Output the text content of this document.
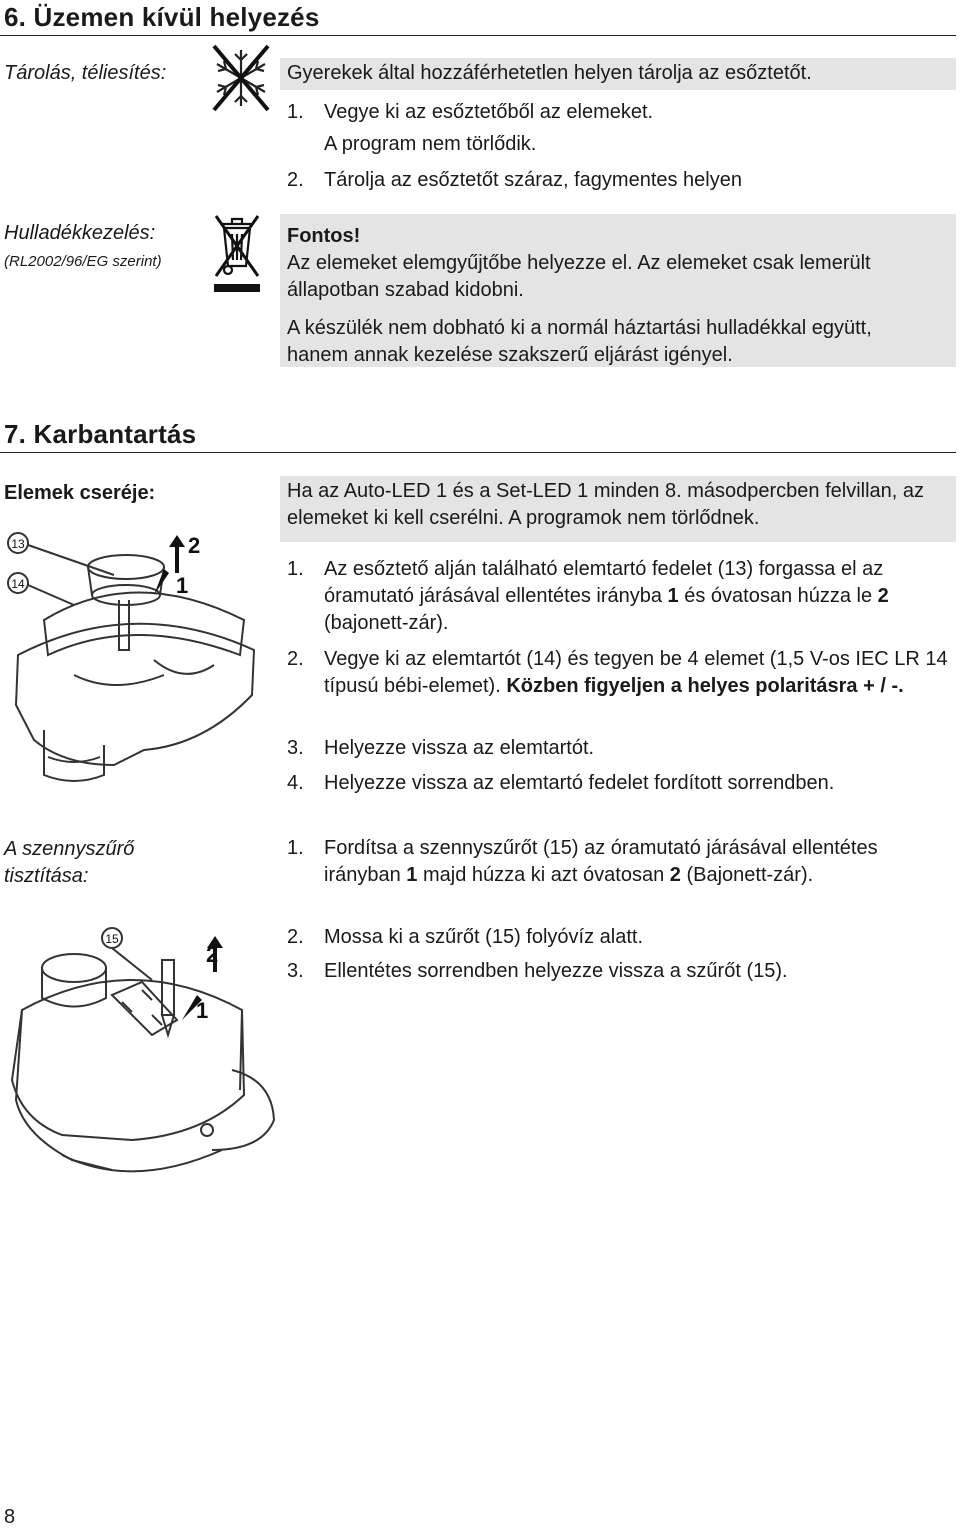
6. Üzemen kívül helyezés
Tárolás, téliesítés:	Gyerekek által hozzáférhetetlen helyen tárolja az esőztetőt.
1. Vegye ki az esőztetőből az elemeket.
A program nem törlődik.
2. Tárolja az esőztetőt száraz, fagymentes helyen
Hulladékkezelés:
(RL2002/96/EG szerint)
Fontos!
Az elemeket elemgyűjtőbe helyezze el. Az elemeket csak lemerült állapotban szabad kidobni.
A készülék nem dobható ki a normál háztartási hulladékkal együtt, hanem annak kezelése szakszerű eljárást igényel.
7. Karbantartás
Elemek cseréje:	Ha az Auto-LED 1 és a Set-LED 1 minden 8. másodpercben felvillan, az elemeket ki kell cserélni. A programok nem törlődnek.
13
14
2
1
1. Az esőztető alján található elemtartó fedelet (13) forgassa el az óramutató járásával ellentétes irányba 1 és óvatosan húzza le 2 (bajonett-zár).
2. Vegye ki az elemtartót (14) és tegyen be 4 elemet (1,5 V-os IEC LR 14 típusú bébi-elemet). Közben figyeljen a helyes polaritásra + / -.
3. Helyezze vissza az elemtartót.
4. Helyezze vissza az elemtartó fedelet fordított sorrendben.
A szennyszűrő tisztítása:
15
2
1
1. Fordítsa a szennyszűrőt (15) az óramutató járásával ellentétes irányban 1 majd húzza ki azt óvatosan 2 (Bajonett-zár).
2. Mossa ki a szűrőt (15) folyóvíz alatt.
3. Ellentétes sorrendben helyezze vissza a szűrőt (15).
8
